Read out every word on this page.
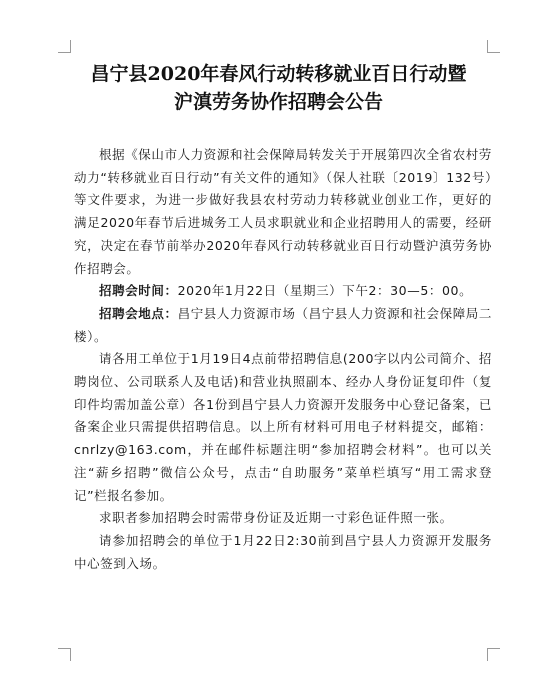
昌宁县2020年春风行动转移就业百日行动暨
沪滇劳务协作招聘会公告

根据《保山市人力资源和社会保障局转发关于开展第四次全省农村劳动力“转移就业百日行动”有关文件的通知》（保人社联〔2019〕132号）等文件要求，为进一步做好我县农村劳动力转移就业创业工作，更好的满足2020年春节后进城务工人员求职就业和企业招聘用人的需要，经研究，决定在春节前举办2020年春风行动转移就业百日行动暨沪滇劳务协作招聘会。

招聘会时间：2020年1月22日（星期三）下午2：30—5：00。

招聘会地点：昌宁县人力资源市场（昌宁县人力资源和社会保障局二楼）。

请各用工单位于1月19日4点前带招聘信息(200字以内公司简介、招聘岗位、公司联系人及电话)和营业执照副本、经办人身份证复印件（复印件均需加盖公章）各1份到昌宁县人力资源开发服务中心登记备案，已备案企业只需提供招聘信息。以上所有材料可用电子材料提交，邮箱：cnrlzy@163.com，并在邮件标题注明“参加招聘会材料”。也可以关注“薪乡招聘”微信公众号，点击“自助服务”菜单栏填写“用工需求登记”栏报名参加。

求职者参加招聘会时需带身份证及近期一寸彩色证件照一张。

请参加招聘会的单位于1月22日2:30前到昌宁县人力资源开发服务中心签到入场。
